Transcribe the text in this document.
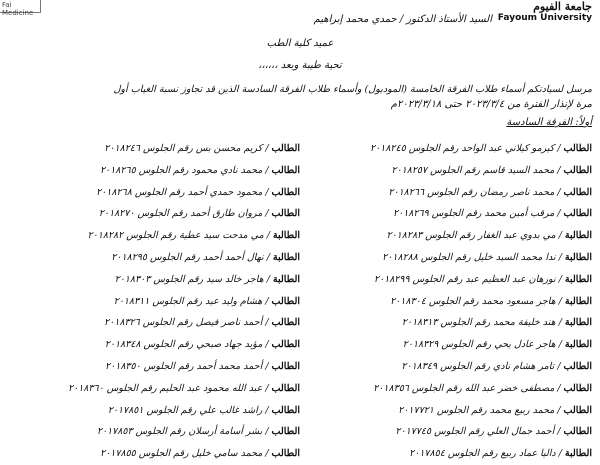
Fai Medicine	جامعة الفيوم
Fayoum University
السيد الأستاذ الدكتور / حمدي محمد إبراهيم
عميد كلية الطب
تحية طيبة وبعد ،،،،،،
مرسل لسيادتكم أسماء طلاب الفرقة الخامسة (الموديول) وأسماء طلاب الفرقة السادسة الذين قد تجاوز نسبة الغياب أول
مرة لإنذار الفترة من ٢٠٢٣/٣/٤ حتى ٢٠٢٣/٣/١٨م
أولاً: الفرقة السادسة
الطالب / كيرمو كيلاني عبد الواحد رقم الجلوس ٢٠١٨٢٤٥
الطالب / محمد السيد قاسم رقم الجلوس ٢٠١٨٢٥٧
الطالب / محمد ناصر رمضان رقم الجلوس ٢٠١٨٢٦٦
الطالب / مرقب أمين محمد رقم الجلوس ٢٠١٨٢٦٩
الطالبة / مي بدوي عبد الغفار رقم الجلوس ٢٠١٨٢٨٣
الطالبة / ندا محمد السيد خليل رقم الجلوس ٢٠١٨٢٨٨
الطالبة / نورهان عبد العظيم عبد رقم الجلوس ٢٠١٨٢٩٩
الطالبة / هاجر مسعود محمد رقم الجلوس ٢٠١٨٣٠٤
الطالبة / هند خليفة محمد رقم الجلوس ٢٠١٨٣١٣
الطالبة / هاجر عادل يحي رقم الجلوس ٢٠١٨٣٢٩
الطالب / تامر هشام نادي رقم الجلوس ٢٠١٨٣٤٩
الطالب / مصطفى خضر عبد الله رقم الجلوس ٢٠١٨٣٥٦
الطالب / محمد ربيع محمد رقم الجلوس ٢٠١٧٧٢١
الطالب / أحمد جمال العلي رقم الجلوس ٢٠١٧٧٤٥
الطالبة / داليا عماد ربيع رقم الجلوس ٢٠١٧٨٥٤
الطالب / كريم محسن بس رقم الجلوس ٢٠١٨٢٤٦
الطالب / محمد نادي محمود رقم الجلوس ٢٠١٨٢٦٥
الطالب / محمود حمدي أحمد رقم الجلوس ٢٠١٨٢٦٨
الطالب / مروان طارق أحمد رقم الجلوس ٢٠١٨٢٧٠
الطالبة / مي مدحت سيد عطية رقم الجلوس ٢٠١٨٢٨٢
الطالبة / نهال أحمد أحمد رقم الجلوس ٢٠١٨٢٩٥
الطالبة / هاجر خالد سيد رقم الجلوس ٢٠١٨٣٠٣
الطالب / هشام وليد عيد رقم الجلوس ٢٠١٨٣١١
الطالب / أحمد ناصر فيصل رقم الجلوس ٢٠١٨٣٢٦
الطالب / مؤيد جهاد صبحي رقم الجلوس ٢٠١٨٣٤٨
الطالب / أحمد محمد أحمد رقم الجلوس ٢٠١٨٣٥٠
الطالب / عبد الله محمود عبد الحليم رقم الجلوس ٢٠١٨٣٦٠
الطالب / راشد غالب علي رقم الجلوس ٢٠١٧٨٥١
الطالب / بشر أسامة أرسلان رقم الجلوس ٢٠١٧٨٥٣
الطالب / محمد سامي خليل رقم الجلوس ٢٠١٧٨٥٥
